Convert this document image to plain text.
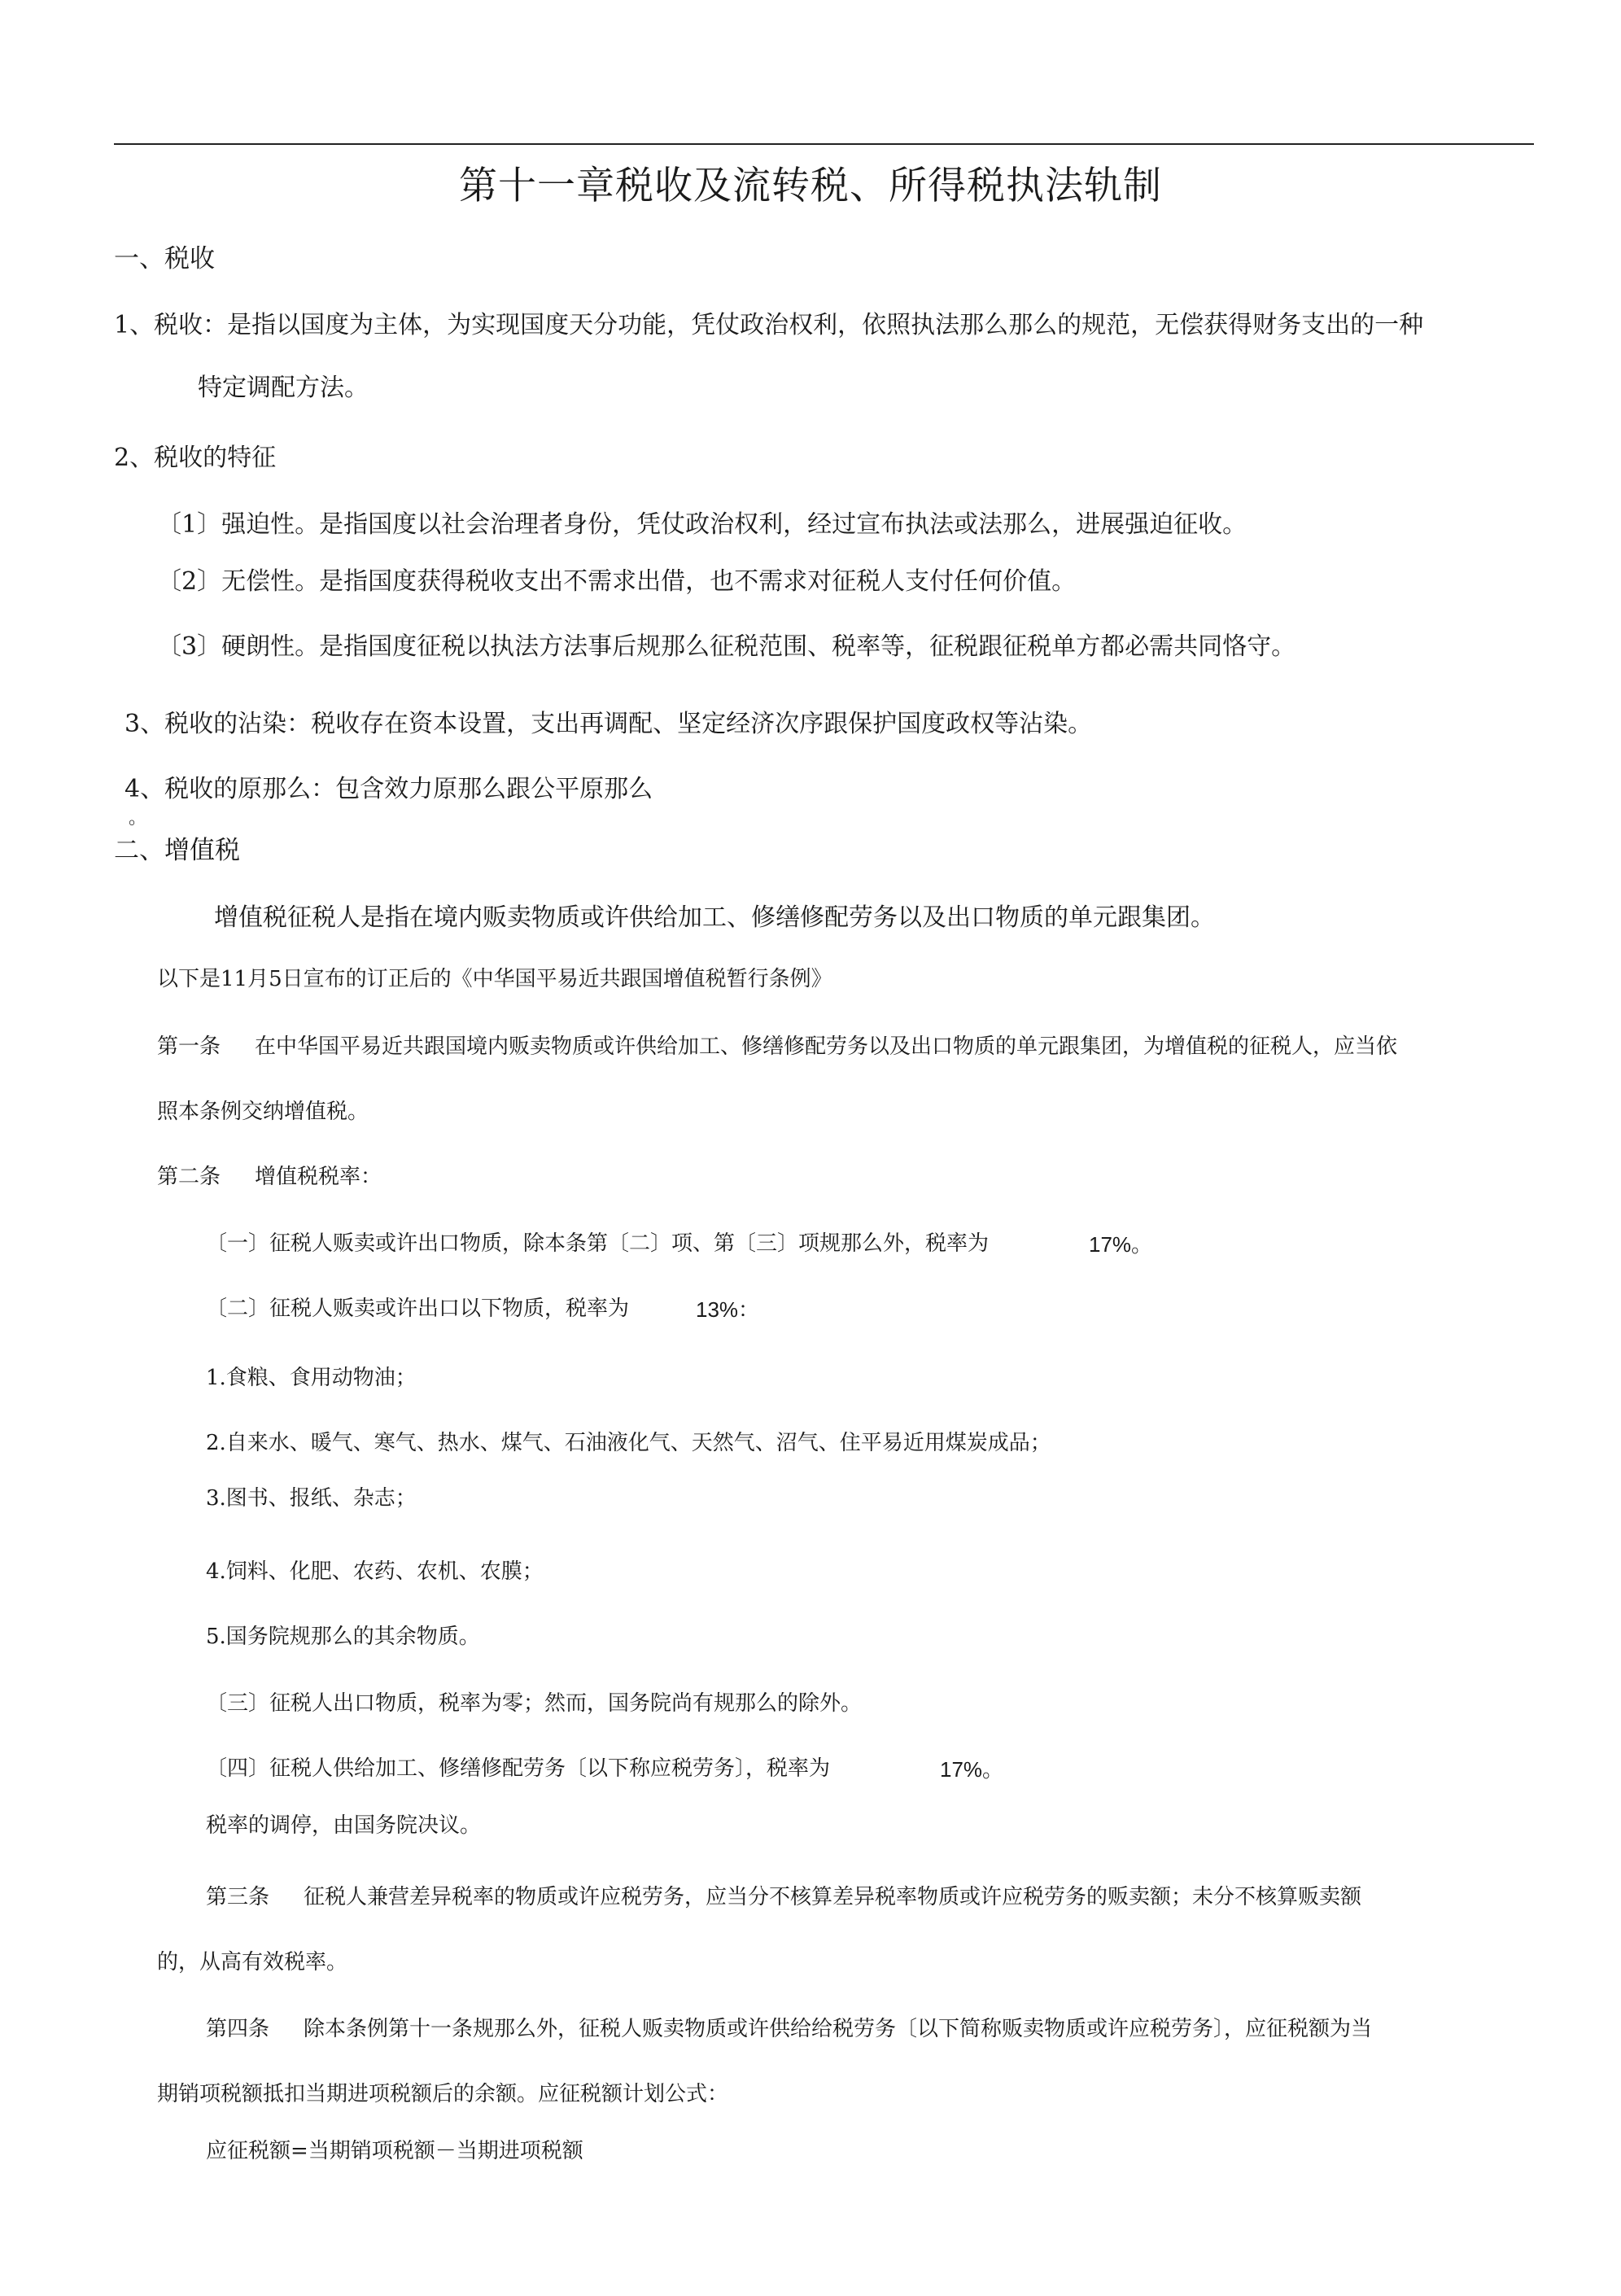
第十一章税收及流转税、所得税执法轨制
一、税收
1、税收：是指以国度为主体，为实现国度天分功能，凭仗政治权利，依照执法那么那么的规范，无偿获得财务支出的一种
特定调配方法。
2、税收的特征
〔1〕强迫性。是指国度以社会治理者身份，凭仗政治权利，经过宣布执法或法那么，进展强迫征收。
〔2〕无偿性。是指国度获得税收支出不需求出借，也不需求对征税人支付任何价值。
〔3〕硬朗性。是指国度征税以执法方法事后规那么征税范围、税率等，征税跟征税单方都必需共同恪守。
3、税收的沾染：税收存在资本设置，支出再调配、坚定经济次序跟保护国度政权等沾染。
4、税收的原那么：包含效力原那么跟公平原那么
。
二、增值税
增值税征税人是指在境内贩卖物质或许供给加工、修缮修配劳务以及出口物质的单元跟集团。
以下是11月5日宣布的订正后的《中华国平易近共跟国增值税暂行条例》
第一条 在中华国平易近共跟国境内贩卖物质或许供给加工、修缮修配劳务以及出口物质的单元跟集团，为增值税的征税人，应当依
照本条例交纳增值税。
第二条 增值税税率：
〔一〕征税人贩卖或许出口物质，除本条第〔二〕项、第〔三〕项规那么外，税率为	17%。
〔二〕征税人贩卖或许出口以下物质，税率为	13%：
1.食粮、食用动物油；
2.自来水、暖气、寒气、热水、煤气、石油液化气、天然气、沼气、住平易近用煤炭成品；
3.图书、报纸、杂志；
4.饲料、化肥、农药、农机、农膜；
5.国务院规那么的其余物质。
〔三〕征税人出口物质，税率为零；然而，国务院尚有规那么的除外。
〔四〕征税人供给加工、修缮修配劳务〔以下称应税劳务〕，税率为	17%。
税率的调停，由国务院决议。
第三条 征税人兼营差异税率的物质或许应税劳务，应当分不核算差异税率物质或许应税劳务的贩卖额；未分不核算贩卖额
的，从高有效税率。
第四条 除本条例第十一条规那么外，征税人贩卖物质或许供给给税劳务〔以下简称贩卖物质或许应税劳务〕，应征税额为当
期销项税额抵扣当期进项税额后的余额。应征税额计划公式：
应征税额=当期销项税额－当期进项税额
